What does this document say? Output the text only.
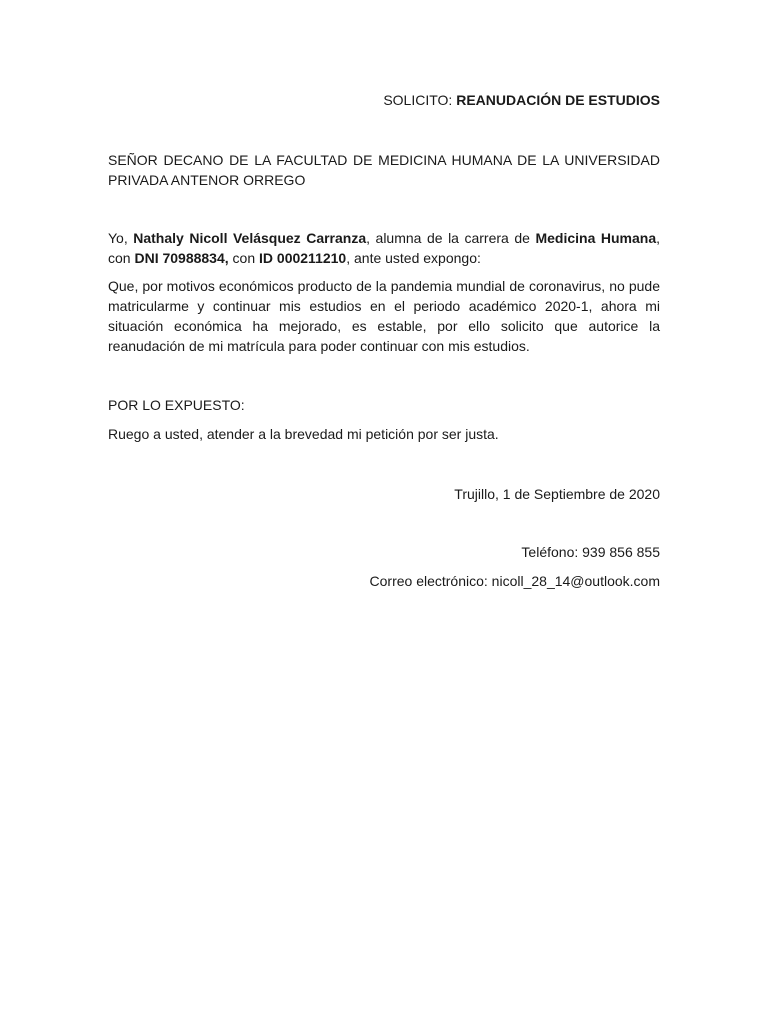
SOLICITO: REANUDACIÓN DE ESTUDIOS

SEÑOR DECANO DE LA FACULTAD DE MEDICINA HUMANA DE LA UNIVERSIDAD PRIVADA ANTENOR ORREGO

Yo, Nathaly Nicoll Velásquez Carranza, alumna de la carrera de Medicina Humana, con DNI 70988834, con ID 000211210, ante usted expongo:

Que, por motivos económicos producto de la pandemia mundial de coronavirus, no pude matricularme y continuar mis estudios en el periodo académico 2020-1, ahora mi situación económica ha mejorado, es estable, por ello solicito que autorice la reanudación de mi matrícula para poder continuar con mis estudios.

POR LO EXPUESTO:

Ruego a usted, atender a la brevedad mi petición por ser justa.

Trujillo, 1 de Septiembre de 2020

Teléfono: 939 856 855

Correo electrónico: nicoll_28_14@outlook.com
